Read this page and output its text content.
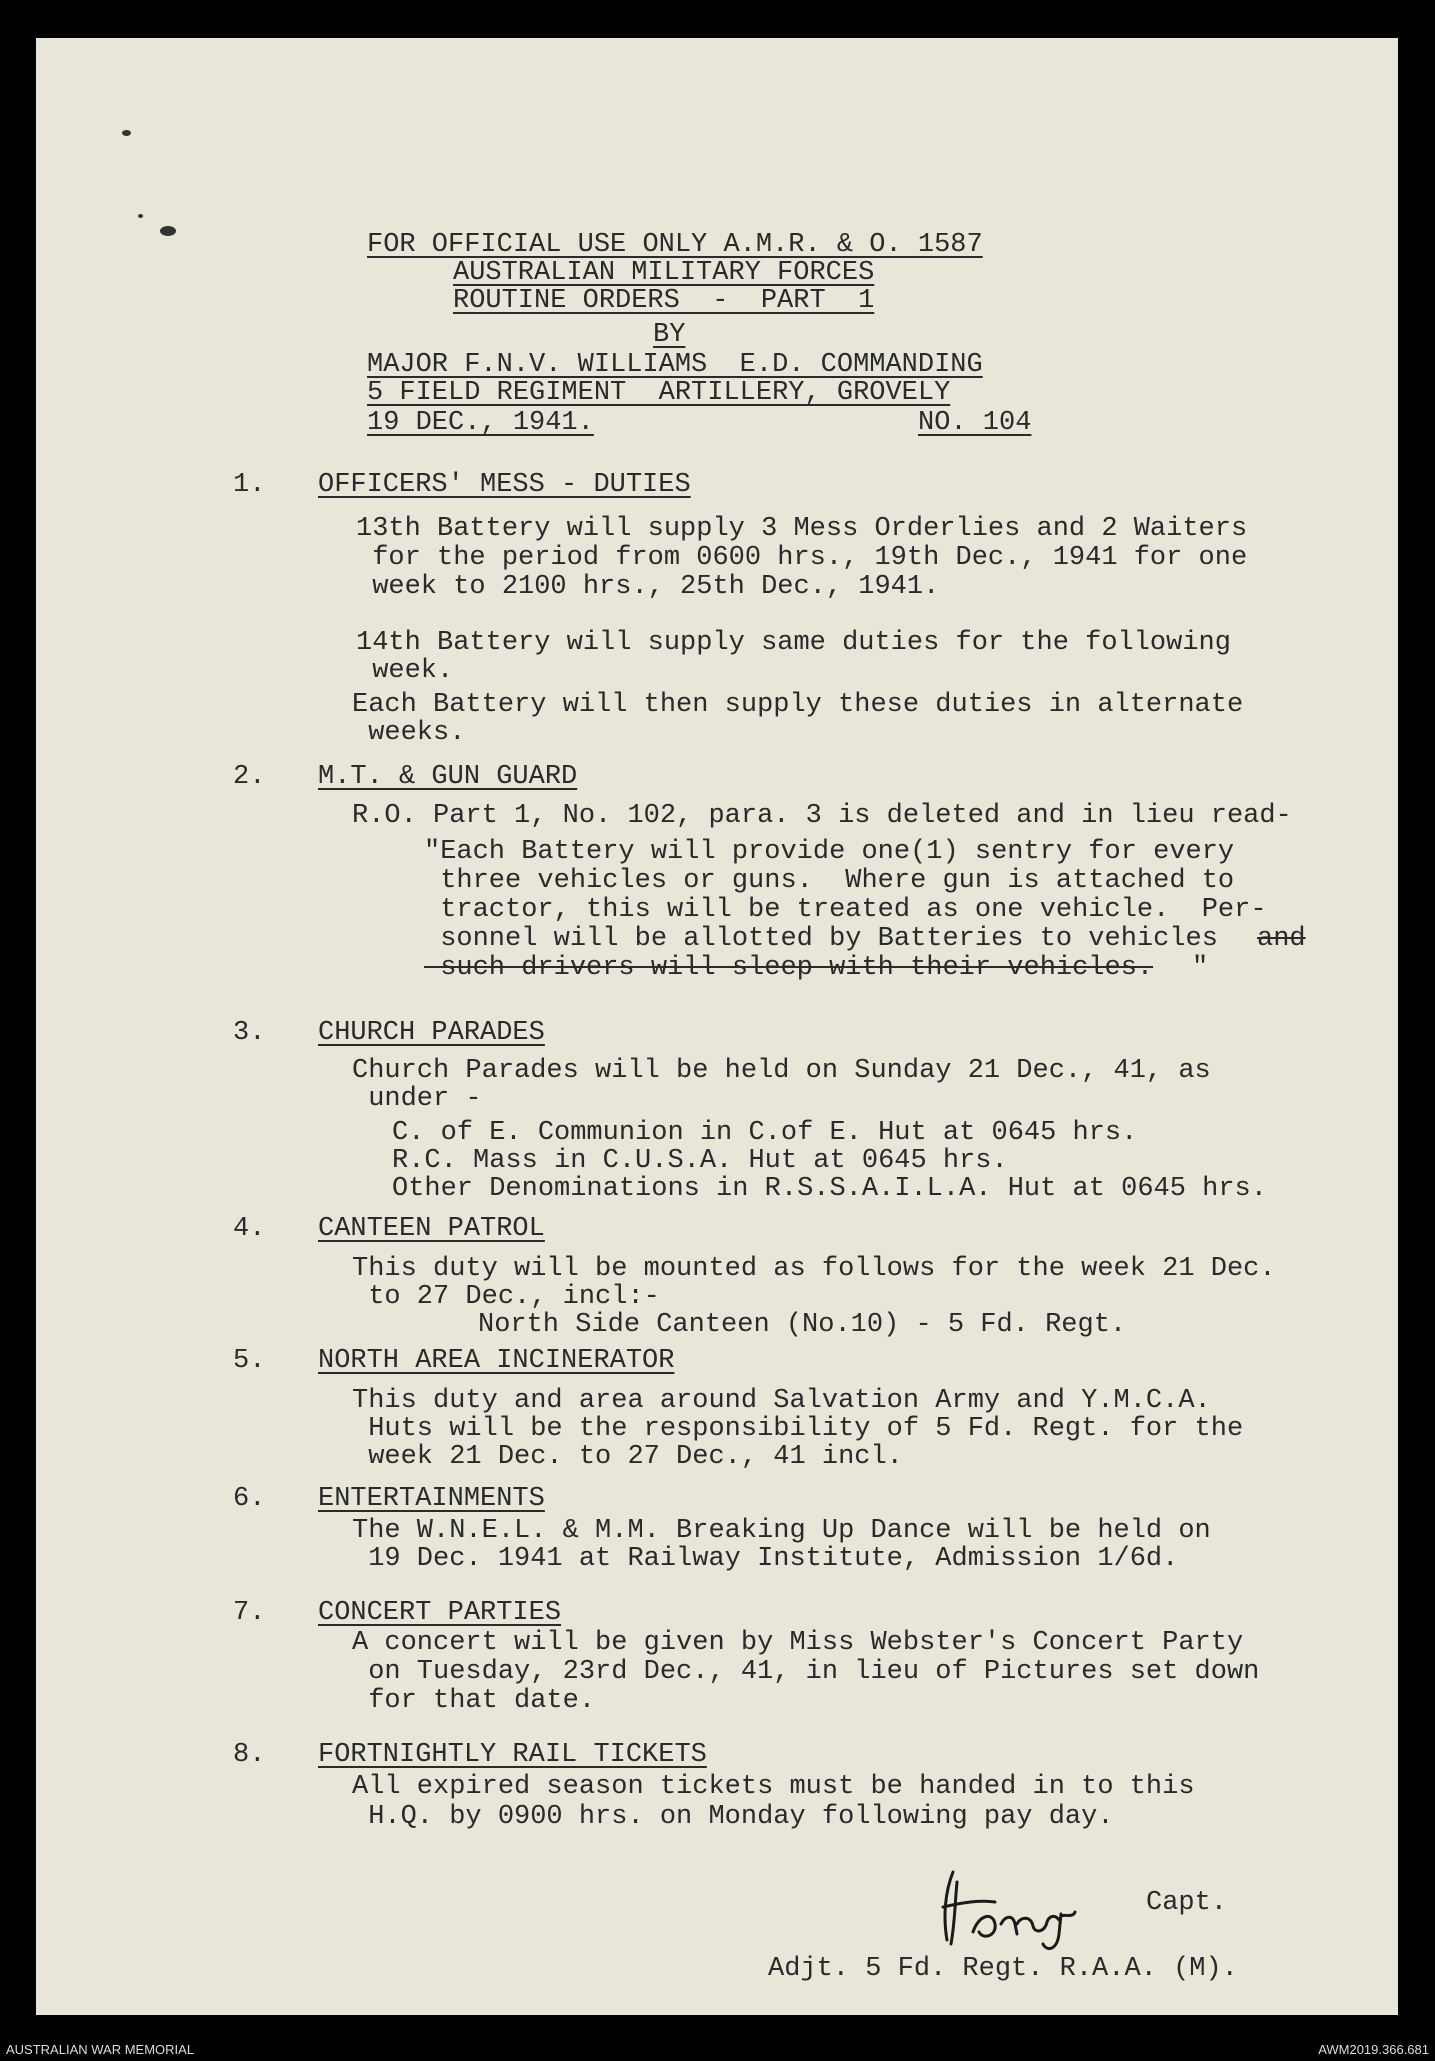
FOR OFFICIAL USE ONLY A.M.R. & O. 1587

AUSTRALIAN MILITARY FORCES

ROUTINE ORDERS  -  PART  1

BY

MAJOR F.N.V. WILLIAMS  E.D. COMMANDING

5 FIELD REGIMENT  ARTILLERY, GROVELY

19 DEC., 1941.	NO. 104

1. OFFICERS' MESS - DUTIES

13th Battery will supply 3 Mess Orderlies and 2 Waiters

for the period from 0600 hrs., 19th Dec., 1941 for one

week to 2100 hrs., 25th Dec., 1941.

14th Battery will supply same duties for the following

week.

Each Battery will then supply these duties in alternate

weeks.

2. M.T. & GUN GUARD

R.O. Part 1, No. 102, para. 3 is deleted and in lieu read-

"Each Battery will provide one(1) sentry for every

three vehicles or guns.  Where gun is attached to

tractor, this will be treated as one vehicle.  Per-

sonnel will be allotted by Batteries to vehicles and

such drivers will sleep with their vehicles. "

3. CHURCH PARADES

Church Parades will be held on Sunday 21 Dec., 41, as

under -

C. of E. Communion in C.of E. Hut at 0645 hrs.

R.C. Mass in C.U.S.A. Hut at 0645 hrs.

Other Denominations in R.S.S.A.I.L.A. Hut at 0645 hrs.

4. CANTEEN PATROL

This duty will be mounted as follows for the week 21 Dec.

to 27 Dec., incl:-

North Side Canteen (No.10) - 5 Fd. Regt.

5. NORTH AREA INCINERATOR

This duty and area around Salvation Army and Y.M.C.A.

Huts will be the responsibility of 5 Fd. Regt. for the

week 21 Dec. to 27 Dec., 41 incl.

6. ENTERTAINMENTS

The W.N.E.L. & M.M. Breaking Up Dance will be held on

19 Dec. 1941 at Railway Institute, Admission 1/6d.

7. CONCERT PARTIES

A concert will be given by Miss Webster's Concert Party

on Tuesday, 23rd Dec., 41, in lieu of Pictures set down

for that date.

8. FORTNIGHTLY RAIL TICKETS

All expired season tickets must be handed in to this

H.Q. by 0900 hrs. on Monday following pay day.

Capt.

Adjt. 5 Fd. Regt. R.A.A. (M).

AUSTRALIAN WAR MEMORIAL	AWM2019.366.681
